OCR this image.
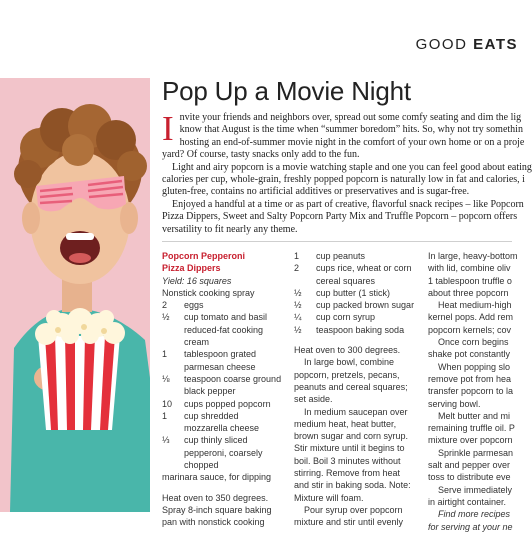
GOOD EATS
Pop Up a Movie Night
I nvite your friends and neighbors over, spread out some comfy seating and dim the lig

know that August is the time when “summer boredom” hits. So, why not try somethin

hosting an end-of-summer movie night in the comfort of your own home or on a proje

yard? Of course, tasty snacks only add to the fun.

Light and airy popcorn is a movie watching staple and one you can feel good about eating

calories per cup, whole-grain, freshly popped popcorn is naturally low in fat and calories, i

gluten-free, contains no artificial additives or preservatives and is sugar-free.

Enjoyed a handful at a time or as part of creative, flavorful snack recipes – like Popcorn

Pizza Dippers, Sweet and Salty Popcorn Party Mix and Truffle Popcorn – popcorn offers

versatility to fit nearly any theme.

Popcorn Pepperoni
Pizza Dippers
Yield: 16 squares
Nonstick cooking spray
2	eggs
½	cup tomato and basil reduced-fat cooking cream
1	tablespoon grated parmesan cheese
⅛	teaspoon coarse ground black pepper
10	cups popped popcorn
1	cup shredded mozzarella cheese
⅓	cup thinly sliced pepperoni, coarsely chopped
marinara sauce, for dipping
Heat oven to 350 degrees.
Spray 8-inch square baking
pan with nonstick cooking
1	cup peanuts
2	cups rice, wheat or corn cereal squares
½	cup butter (1 stick)
½	cup packed brown sugar
¼	cup corn syrup
½	teaspoon baking soda
Heat oven to 300 degrees.
In large bowl, combine
popcorn, pretzels, pecans,
peanuts and cereal squares;
set aside.
In medium saucepan over
medium heat, heat butter,
brown sugar and corn syrup.
Stir mixture until it begins to
boil. Boil 3 minutes without
stirring. Remove from heat
and stir in baking soda. Note:
Mixture will foam.
Pour syrup over popcorn
mixture and stir until evenly
In large, heavy-bottom
with lid, combine oliv
1 tablespoon truffle o
about three popcorn
Heat medium-high
kernel pops. Add rem
popcorn kernels; cov
Once corn begins
shake pot constantly
When popping slo
remove pot from hea
transfer popcorn to la
serving bowl.
Melt butter and mi
remaining truffle oil. P
mixture over popcorn
Sprinkle parmesan
salt and pepper over
toss to distribute eve
Serve immediately
in airtight container.
Find more recipes
for serving at your ne
